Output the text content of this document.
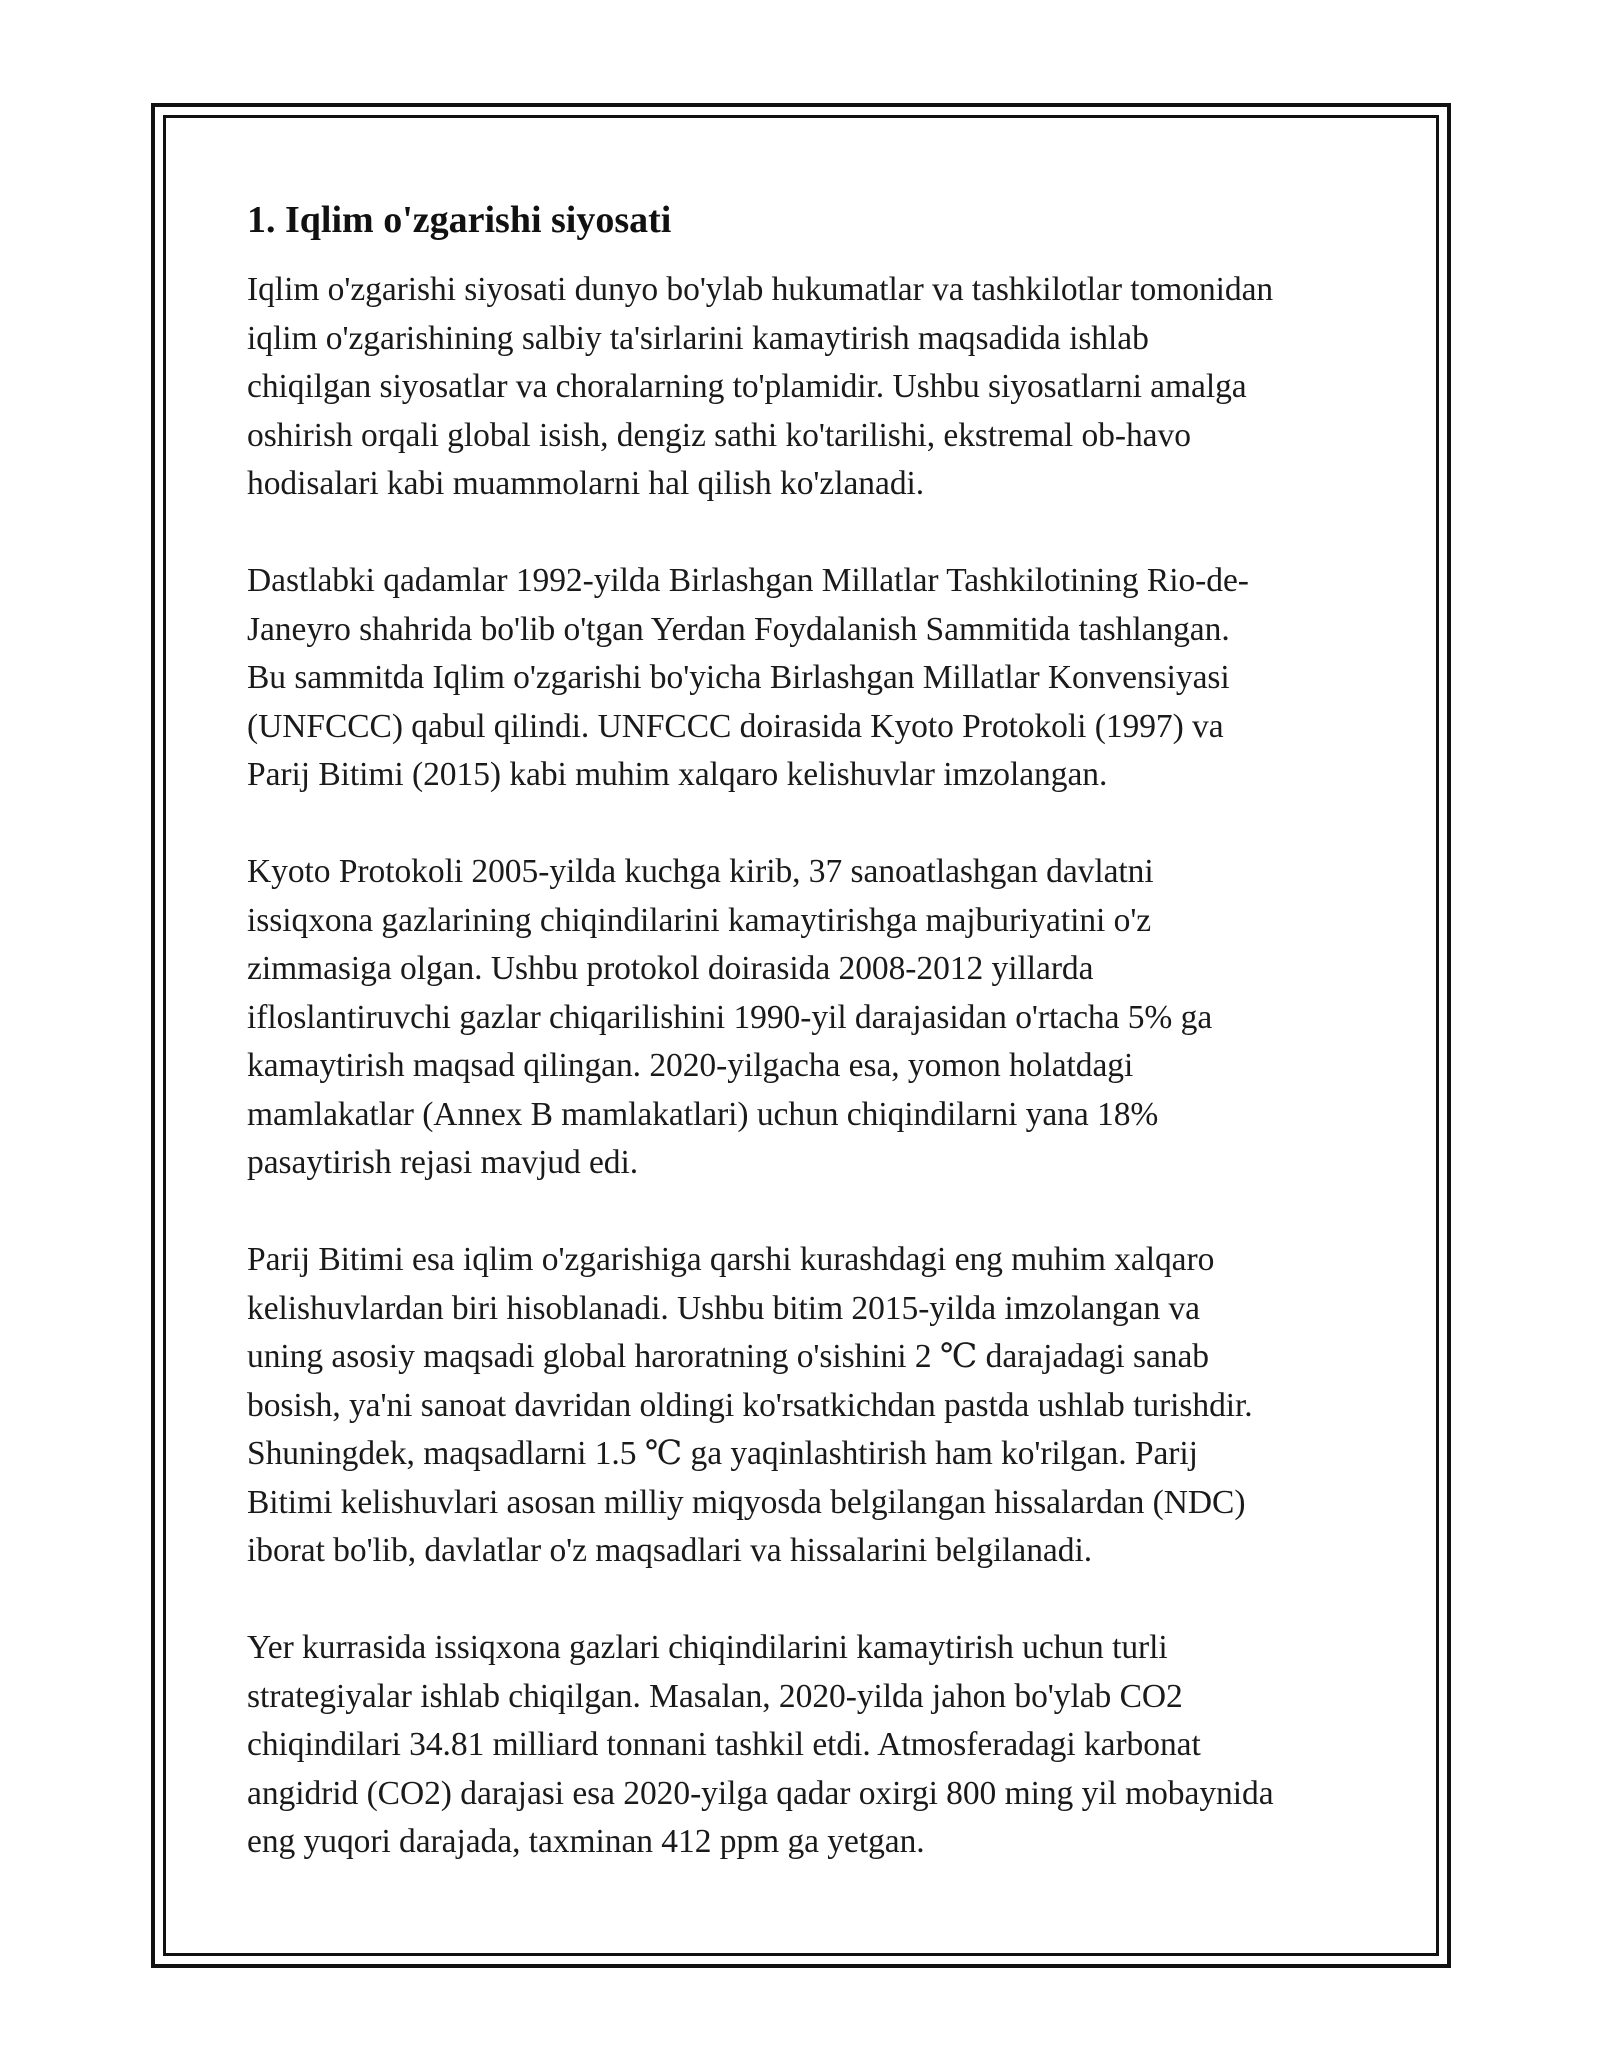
1. Iqlim o'zgarishi siyosati
Iqlim o'zgarishi siyosati dunyo bo'ylab hukumatlar va tashkilotlar tomonidan
iqlim o'zgarishining salbiy ta'sirlarini kamaytirish maqsadida ishlab
chiqilgan siyosatlar va choralarning to'plamidir. Ushbu siyosatlarni amalga
oshirish orqali global isish, dengiz sathi ko'tarilishi, ekstremal ob-havo
hodisalari kabi muammolarni hal qilish ko'zlanadi.
Dastlabki qadamlar 1992-yilda Birlashgan Millatlar Tashkilotining Rio-de-
Janeyro shahrida bo'lib o'tgan Yerdan Foydalanish Sammitida tashlangan.
Bu sammitda Iqlim o'zgarishi bo'yicha Birlashgan Millatlar Konvensiyasi
(UNFCCC) qabul qilindi. UNFCCC doirasida Kyoto Protokoli (1997) va
Parij Bitimi (2015) kabi muhim xalqaro kelishuvlar imzolangan.
Kyoto Protokoli 2005-yilda kuchga kirib, 37 sanoatlashgan davlatni
issiqxona gazlarining chiqindilarini kamaytirishga majburiyatini o'z
zimmasiga olgan. Ushbu protokol doirasida 2008-2012 yillarda
ifloslantiruvchi gazlar chiqarilishini 1990-yil darajasidan o'rtacha 5% ga
kamaytirish maqsad qilingan. 2020-yilgacha esa, yomon holatdagi
mamlakatlar (Annex B mamlakatlari) uchun chiqindilarni yana 18%
pasaytirish rejasi mavjud edi.
Parij Bitimi esa iqlim o'zgarishiga qarshi kurashdagi eng muhim xalqaro
kelishuvlardan biri hisoblanadi. Ushbu bitim 2015-yilda imzolangan va
uning asosiy maqsadi global haroratning o'sishini 2 ℃ darajadagi sanab
bosish, ya'ni sanoat davridan oldingi ko'rsatkichdan pastda ushlab turishdir.
Shuningdek, maqsadlarni 1.5 ℃ ga yaqinlashtirish ham ko'rilgan. Parij
Bitimi kelishuvlari asosan milliy miqyosda belgilangan hissalardan (NDC)
iborat bo'lib, davlatlar o'z maqsadlari va hissalarini belgilanadi.
Yer kurrasida issiqxona gazlari chiqindilarini kamaytirish uchun turli
strategiyalar ishlab chiqilgan. Masalan, 2020-yilda jahon bo'ylab CO2
chiqindilari 34.81 milliard tonnani tashkil etdi. Atmosferadagi karbonat
angidrid (CO2) darajasi esa 2020-yilga qadar oxirgi 800 ming yil mobaynida
eng yuqori darajada, taxminan 412 ppm ga yetgan.
